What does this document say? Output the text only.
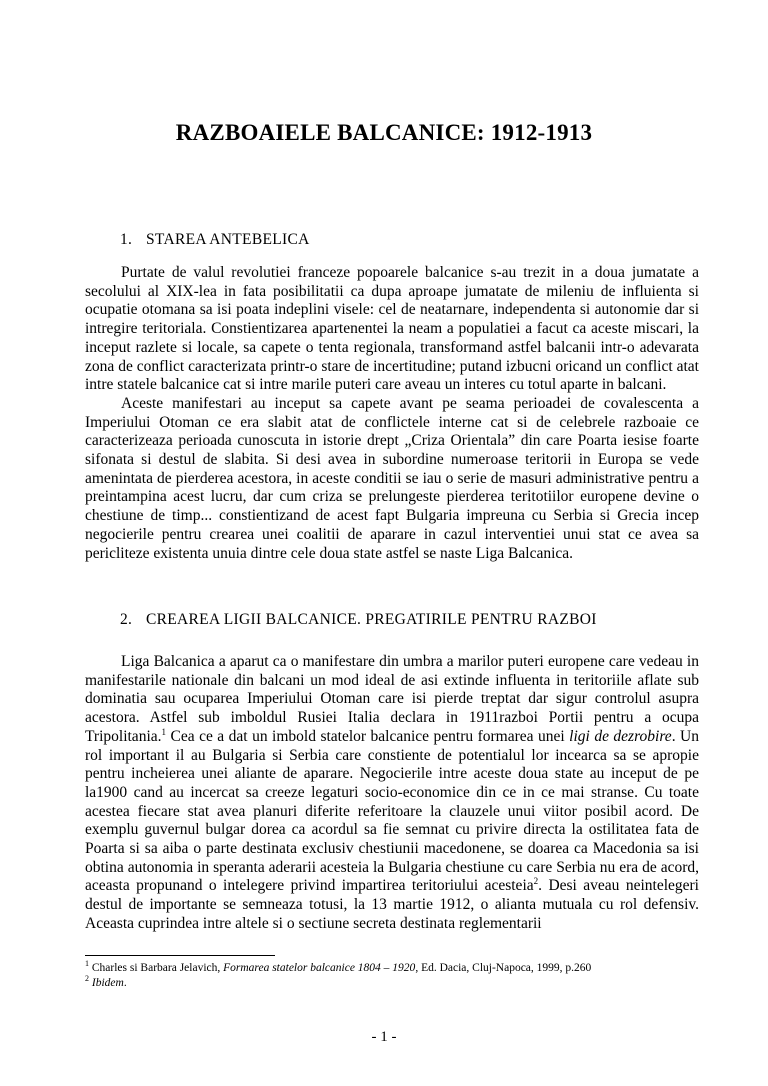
RAZBOAIELE BALCANICE: 1912-1913
1. STAREA ANTEBELICA

Purtate de valul revolutiei franceze popoarele balcanice s-au trezit in a doua jumatate a secolului al XIX-lea in fata posibilitatii ca dupa aproape jumatate de mileniu de influienta si ocupatie otomana sa isi poata indeplini visele: cel de neatarnare, independenta si autonomie dar si intregire teritoriala. Constientizarea apartenentei la neam a populatiei a facut ca aceste miscari, la inceput razlete si locale, sa capete o tenta regionala, transformand astfel balcanii intr-o adevarata zona de conflict caracterizata printr-o stare de incertitudine; putand izbucni oricand un conflict atat intre statele balcanice cat si intre marile puteri care aveau un interes cu totul aparte in balcani.

Aceste manifestari au inceput sa capete avant pe seama perioadei de covalescenta a Imperiului Otoman ce era slabit atat de conflictele interne cat si de celebrele razboaie ce caracterizeaza perioada cunoscuta in istorie drept „Criza Orientala” din care Poarta iesise foarte sifonata si destul de slabita. Si desi avea in subordine numeroase teritorii in Europa se vede amenintata de pierderea acestora, in aceste conditii se iau o serie de masuri administrative pentru a preintampina acest lucru, dar cum criza se prelungeste pierderea teritotiilor europene devine o chestiune de timp... constientizand de acest fapt Bulgaria impreuna cu Serbia si Grecia incep negocierile pentru crearea unei coalitii de aparare in cazul interventiei unui stat ce avea sa pericliteze existenta unuia dintre cele doua state astfel se naste Liga Balcanica.

2. CREAREA LIGII BALCANICE. PREGATIRILE PENTRU RAZBOI

Liga Balcanica a aparut ca o manifestare din umbra a marilor puteri europene care vedeau in manifestarile nationale din balcani un mod ideal de asi extinde influenta in teritoriile aflate sub dominatia sau ocuparea Imperiului Otoman care isi pierde treptat dar sigur controlul asupra acestora. Astfel sub imboldul Rusiei Italia declara in 1911razboi Portii pentru a ocupa Tripolitania.$^1$ Cea ce a dat un imbold statelor balcanice pentru formarea unei ligi de dezrobire. Un rol important il au Bulgaria si Serbia care constiente de potentialul lor incearca sa se apropie pentru incheierea unei aliante de aparare. Negocierile intre aceste doua state au inceput de pe la1900 cand au incercat sa creeze legaturi socio-economice din ce in ce mai stranse. Cu toate acestea fiecare stat avea planuri diferite referitoare la clauzele unui viitor posibil acord. De exemplu guvernul bulgar dorea ca acordul sa fie semnat cu privire directa la ostilitatea fata de Poarta si sa aiba o parte destinata exclusiv chestiunii macedonene, se doarea ca Macedonia sa isi obtina autonomia in speranta aderarii acesteia la Bulgaria chestiune cu care Serbia nu era de acord, aceasta propunand o intelegere privind impartirea teritoriului acesteia$^2$. Desi aveau neintelegeri destul de importante se semneaza totusi, la 13 martie 1912, o alianta mutuala cu rol defensiv. Aceasta cuprindea intre altele si o sectiune secreta destinata reglementarii

$^1$ Charles si Barbara Jelavich, Formarea statelor balcanice 1804 – 1920, Ed. Dacia, Cluj-Napoca, 1999, p.260
$^2$ Ibidem.
- 1 -
